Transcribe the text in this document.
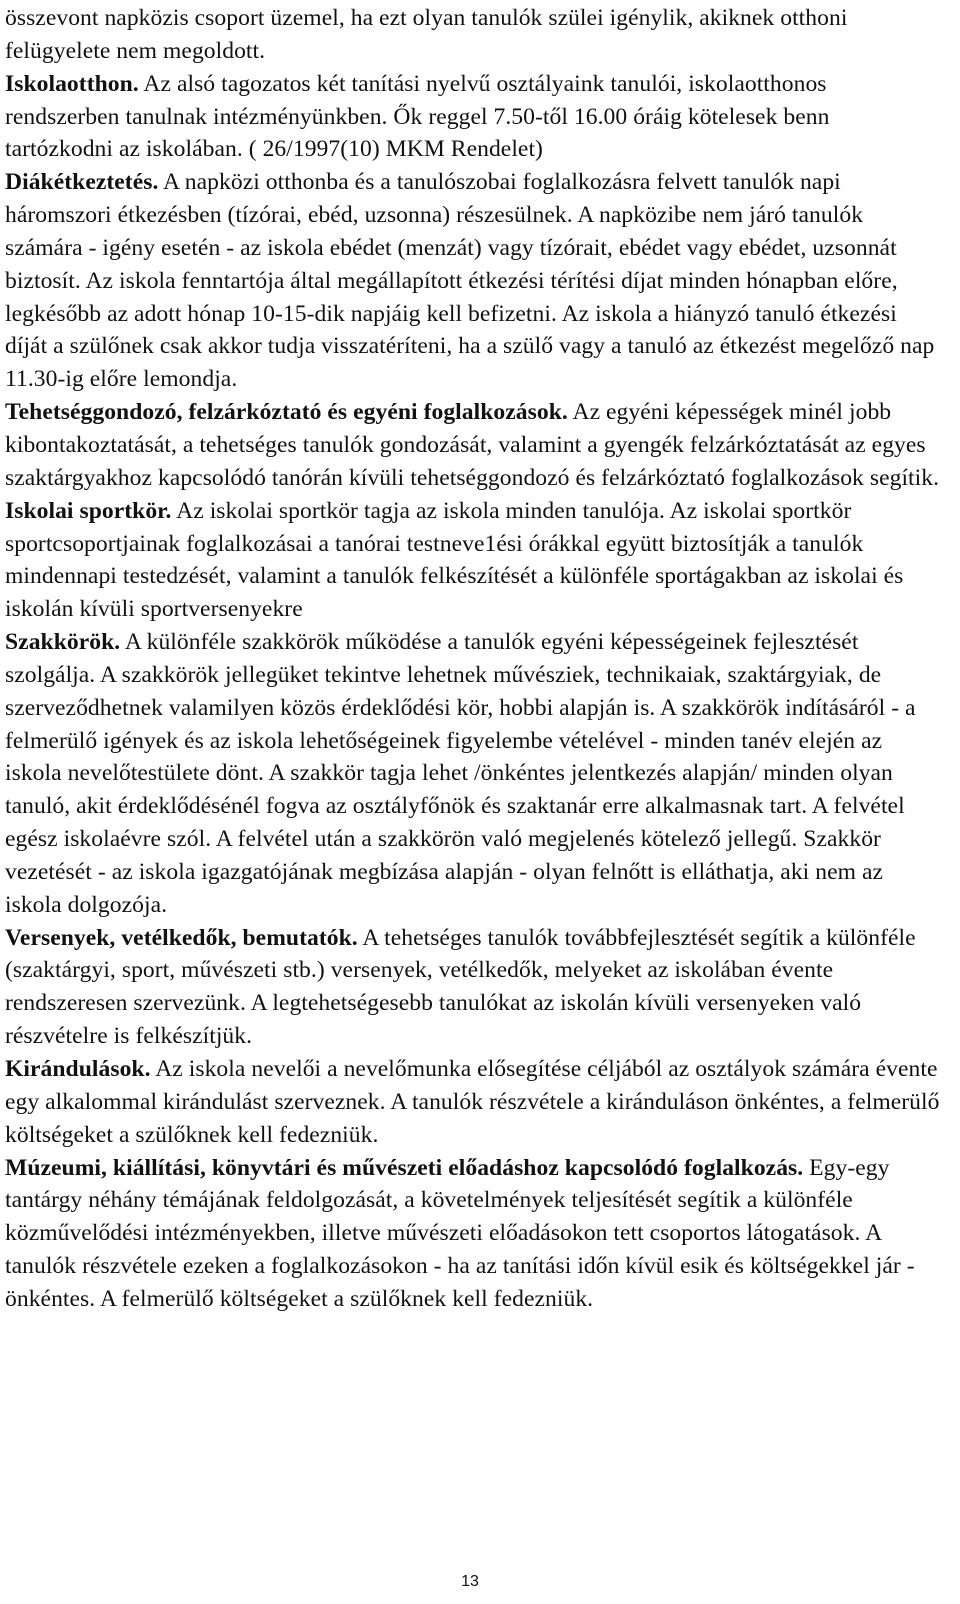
összevont napközis csoport üzemel, ha ezt olyan tanulók szülei igénylik, akiknek otthoni felügyelete nem megoldott.

Iskolaotthon. Az alsó tagozatos két tanítási nyelvű osztályaink tanulói, iskolaotthonos rendszerben tanulnak intézményünkben. Ők reggel 7.50-től 16.00 óráig kötelesek benn tartózkodni az iskolában. ( 26/1997(10) MKM Rendelet)

Diákétkeztetés. A napközi otthonba és a tanulószobai foglalkozásra felvett tanulók napi háromszori étkezésben (tízórai, ebéd, uzsonna) részesülnek. A napközibe nem járó tanulók számára - igény esetén - az iskola ebédet (menzát) vagy tízórait, ebédet vagy ebédet, uzsonnát biztosít. Az iskola fenntartója által megállapított étkezési térítési díjat minden hónapban előre, legkésőbb az adott hónap 10-15-dik napjáig kell befizetni. Az iskola a hiányzó tanuló étkezési díját a szülőnek csak akkor tudja visszatéríteni, ha a szülő vagy a tanuló az étkezést megelőző nap 11.30-ig előre lemondja.

Tehetséggondozó, felzárkóztató és egyéni foglalkozások. Az egyéni képességek minél jobb kibontakoztatását, a tehetséges tanulók gondozását, valamint a gyengék felzárkóztatását az egyes szaktárgyakhoz kapcsolódó tanórán kívüli tehetséggondozó és felzárkóztató foglalkozások segítik.

Iskolai sportkör. Az iskolai sportkör tagja az iskola minden tanulója. Az iskolai sportkör sportcsoportjainak foglalkozásai a tanórai testneve1ési órákkal együtt biztosítják a tanulók mindennapi testedzését, valamint a tanulók felkészítését a különféle sportágakban az iskolai és iskolán kívüli sportversenyekre

Szakkörök. A különféle szakkörök működése a tanulók egyéni képességeinek fejlesztését szolgálja. A szakkörök jellegüket tekintve lehetnek művésziek, technikaiak, szaktárgyiak, de szerveződhetnek valamilyen közös érdeklődési kör, hobbi alapján is. A szakkörök indításáról - a felmerülő igények és az iskola lehetőségeinek figyelembe vételével - minden tanév elején az iskola nevelőtestülete dönt. A szakkör tagja lehet /önkéntes jelentkezés alapján/ minden olyan tanuló, akit érdeklődésénél fogva az osztályfőnök és szaktanár erre alkalmasnak tart. A felvétel egész iskolaévre szól. A felvétel után a szakkörön való megjelenés kötelező jellegű. Szakkör vezetését - az iskola igazgatójának megbízása alapján - olyan felnőtt is elláthatja, aki nem az iskola dolgozója.

Versenyek, vetélkedők, bemutatók. A tehetséges tanulók továbbfejlesztését segítik a különféle (szaktárgyi, sport, művészeti stb.) versenyek, vetélkedők, melyeket az iskolában évente rendszeresen szervezünk. A legtehetségesebb tanulókat az iskolán kívüli versenyeken való részvételre is felkészítjük.

Kirándulások. Az iskola nevelői a nevelőmunka elősegítése céljából az osztályok számára évente egy alkalommal kirándulást szerveznek. A tanulók részvétele a kiránduláson önkéntes, a felmerülő költségeket a szülőknek kell fedezniük.

Múzeumi, kiállítási, könyvtári és művészeti előadáshoz kapcsolódó foglalkozás. Egy-egy tantárgy néhány témájának feldolgozását, a követelmények teljesítését segítik a különféle közművelődési intézményekben, illetve művészeti előadásokon tett csoportos látogatások. A tanulók részvétele ezeken a foglalkozásokon - ha az tanítási időn kívül esik és költségekkel jár - önkéntes. A felmerülő költségeket a szülőknek kell fedezniük.

13
